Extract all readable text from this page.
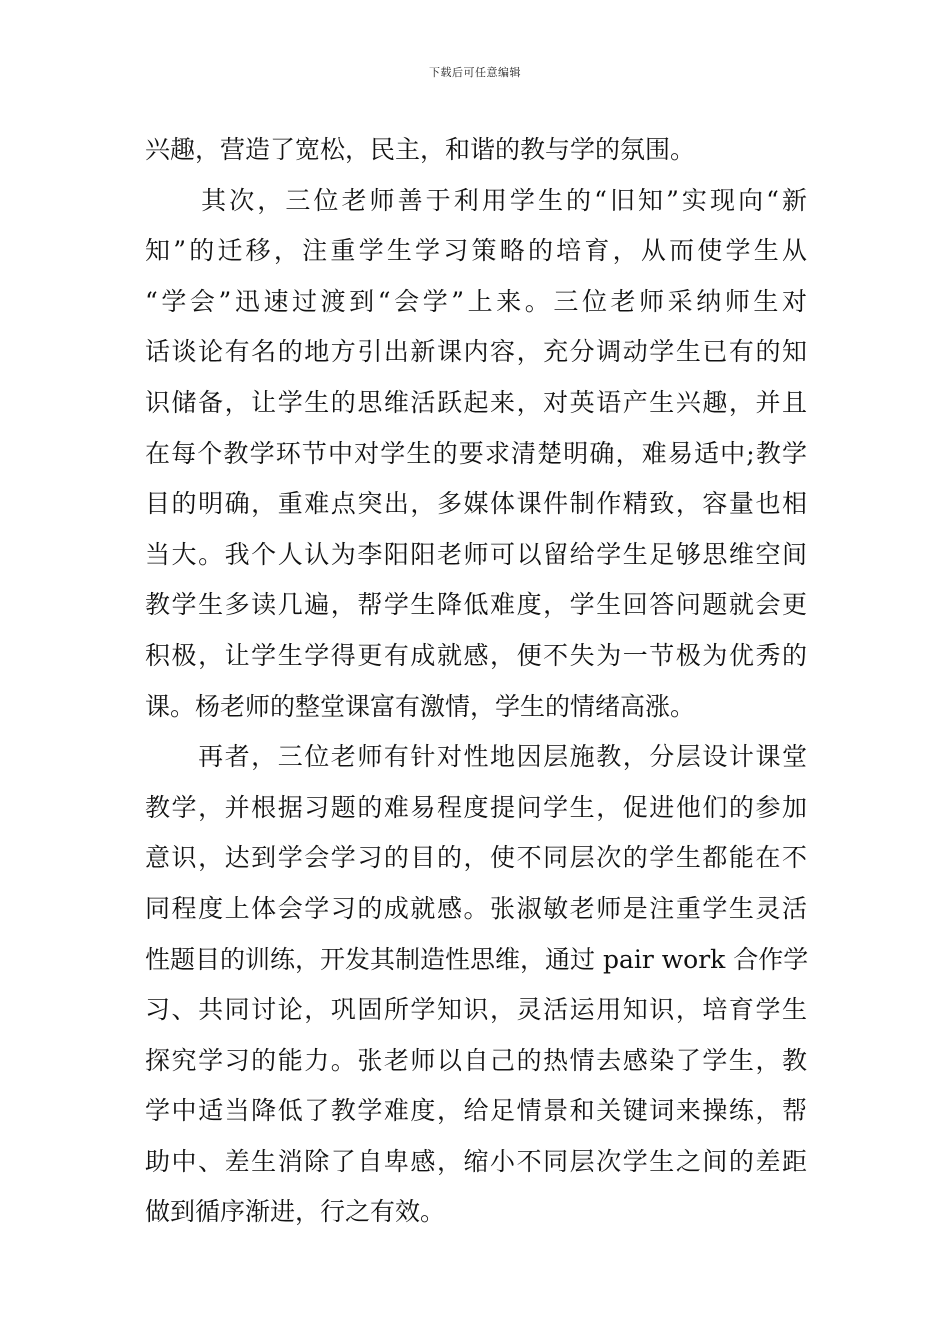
下载后可任意编辑
兴趣，营造了宽松，民主，和谐的教与学的氛围。
　　其次，三位老师善于利用学生的“旧知”实现向“新
知”的迁移，注重学生学习策略的培育，从而使学生从
“学会”迅速过渡到“会学”上来。三位老师采纳师生对
话谈论有名的地方引出新课内容，充分调动学生已有的知
识储备，让学生的思维活跃起来，对英语产生兴趣，并且
在每个教学环节中对学生的要求清楚明确，难易适中;教学
目的明确，重难点突出，多媒体课件制作精致，容量也相
当大。我个人认为李阳阳老师可以留给学生足够思维空间
教学生多读几遍，帮学生降低难度，学生回答问题就会更
积极，让学生学得更有成就感，便不失为一节极为优秀的
课。杨老师的整堂课富有激情，学生的情绪高涨。
　　再者，三位老师有针对性地因层施教，分层设计课堂
教学，并根据习题的难易程度提问学生，促进他们的参加
意识，达到学会学习的目的，使不同层次的学生都能在不
同程度上体会学习的成就感。张淑敏老师是注重学生灵活
性题目的训练，开发其制造性思维，通过 pair work 合作学
习、共同讨论，巩固所学知识，灵活运用知识，培育学生
探究学习的能力。张老师以自己的热情去感染了学生，教
学中适当降低了教学难度，给足情景和关键词来操练，帮
助中、差生消除了自卑感，缩小不同层次学生之间的差距
做到循序渐进，行之有效。
